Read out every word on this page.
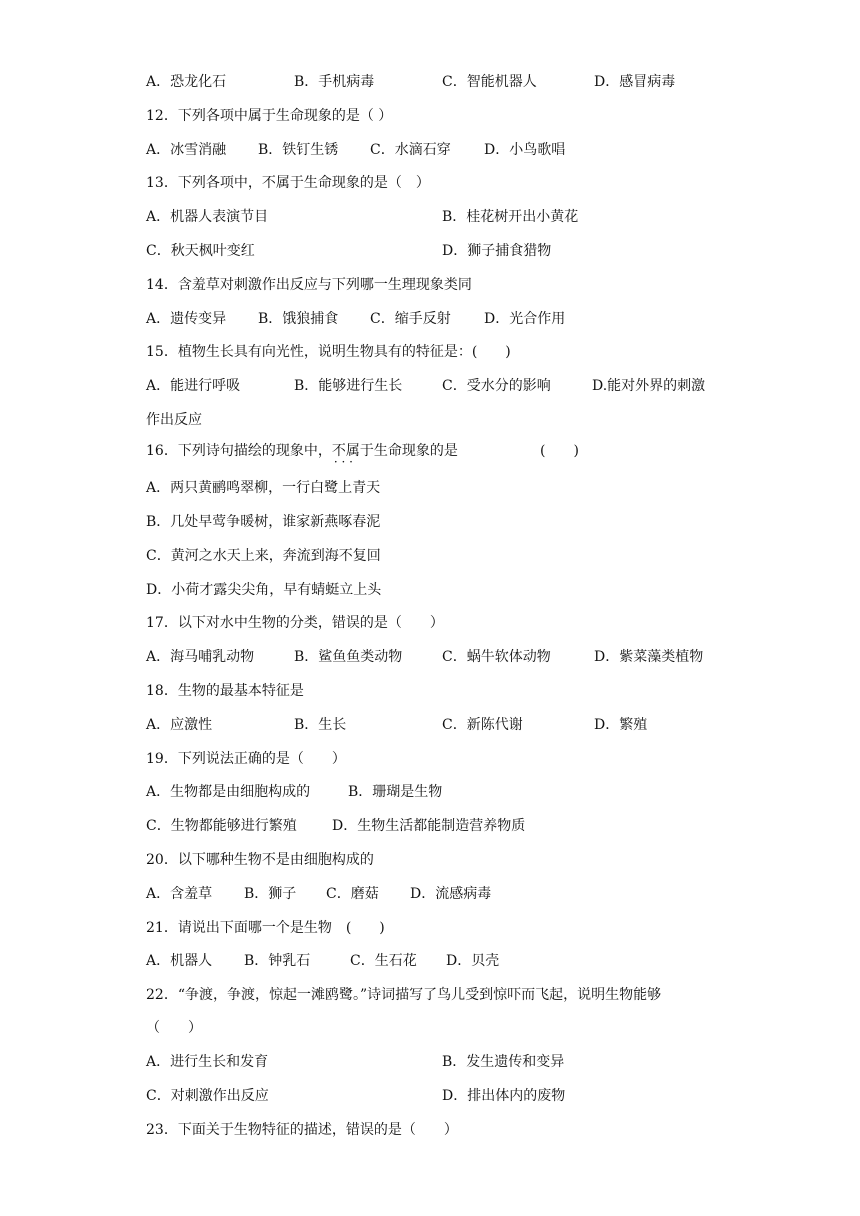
A．恐龙化石	B．手机病毒	C．智能机器人	D．感冒病毒
12．下列各项中属于生命现象的是（ ）
A．冰雪消融 B．铁钉生锈 C．水滴石穿 D．小鸟歌唱
13．下列各项中，不属于生命现象的是（　）
A．机器人表演节目	B．桂花树开出小黄花
C．秋天枫叶变红	D．狮子捕食猎物
14．含羞草对刺激作出反应与下列哪一生理现象类同
A．遗传变异 B．饿狼捕食 C．缩手反射 D．光合作用
15．植物生长具有向光性，说明生物具有的特征是：(　　)
A．能进行呼吸	B．能够进行生长	C．受水分的影响	D.能对外界的刺激
作出反应
16．下列诗句描绘的现象中，不属于 · · ·生命现象的是	(　　)
A．两只黄鹂鸣翠柳，一行白鹭上青天
B．几处早莺争暖树，谁家新燕啄春泥
C．黄河之水天上来，奔流到海不复回
D．小荷才露尖尖角，早有蜻蜓立上头
17．以下对水中生物的分类，错误的是（　　）
A．海马哺乳动物	B．鲨鱼鱼类动物	C．蜗牛软体动物	D．紫菜藻类植物
18．生物的最基本特征是
A．应激性	B．生长	C．新陈代谢	D．繁殖
19．下列说法正确的是（　　）
A．生物都是由细胞构成的	B．珊瑚是生物
C．生物都能够进行繁殖	D．生物生活都能制造营养物质
20．以下哪种生物不是由细胞构成的
A．含羞草 B．狮子 C．磨菇 D．流感病毒
21．请说出下面哪一个是生物　(　　)
A．机器人 B．钟乳石	C．生石花 D．贝壳
22．“争渡，争渡，惊起一滩鸥鹭。”诗词描写了鸟儿受到惊吓而飞起，说明生物能够
（　　）
A．进行生长和发育	B．发生遗传和变异
C．对刺激作出反应	D．排出体内的废物
23．下面关于生物特征的描述，错误的是（　　）
